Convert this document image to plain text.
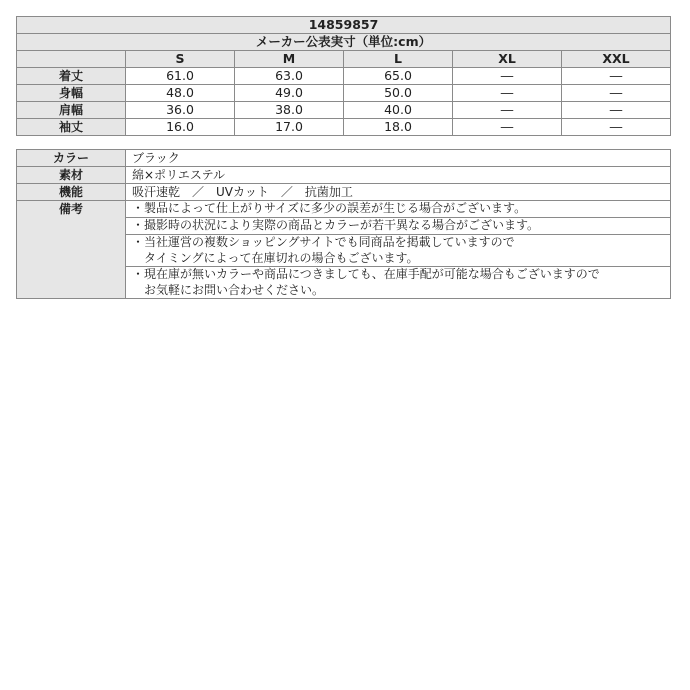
14859857					
メーカー公表実寸（単位:cm）					
	S	M	L	XL	XXL
着丈	61.0	63.0	65.0	―	―
身幅	48.0	49.0	50.0	―	―
肩幅	36.0	38.0	40.0	―	―
袖丈	16.0	17.0	18.0	―	―
カラー	ブラック
素材	綿×ポリエステル
機能	吸汗速乾　／　UVカット　／　抗菌加工
備考	・製品によって仕上がりサイズに多少の誤差が生じる場合がございます。

	・撮影時の状況により実際の商品とカラーが若干異なる場合がございます。

	・当社運営の複数ショッピングサイトでも同商品を掲載していますので
　タイミングによって在庫切れの場合もございます。

	・現在庫が無いカラーや商品につきましても、在庫手配が可能な場合もございますので
　お気軽にお問い合わせください。
